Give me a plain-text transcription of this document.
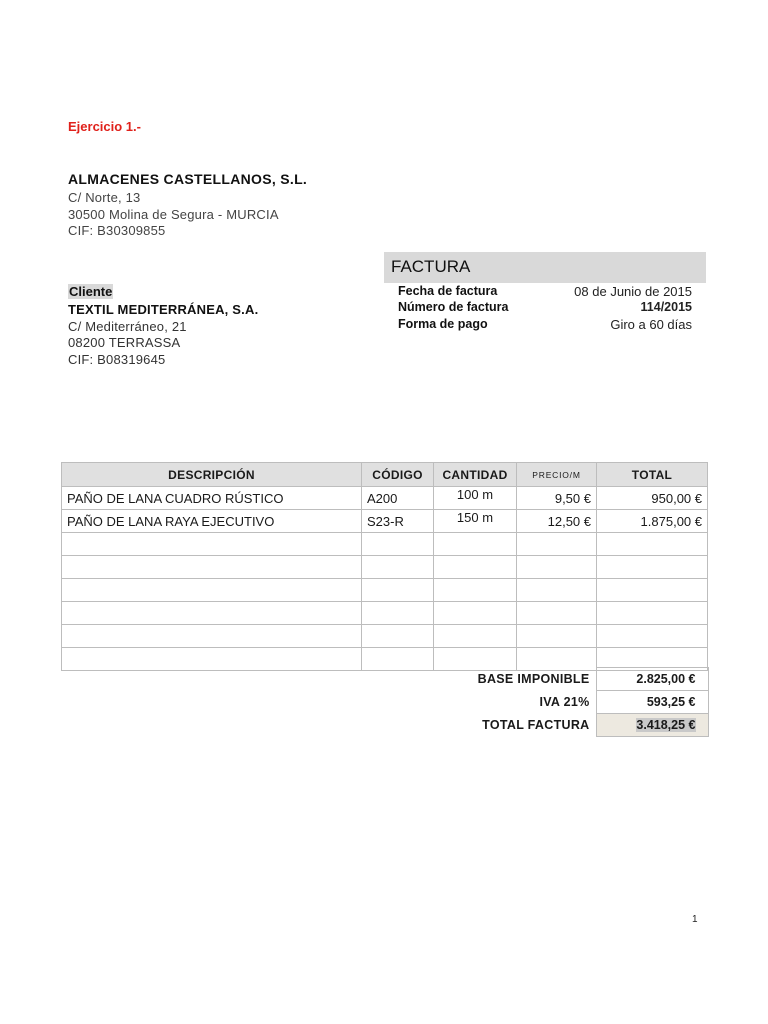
Ejercicio 1.-
ALMACENES CASTELLANOS, S.L.
C/ Norte, 13
30500 Molina de Segura - MURCIA
CIF: B30309855
FACTURA
Cliente
TEXTIL MEDITERRÁNEA, S.A.
C/ Mediterráneo, 21
08200 TERRASSA
CIF: B08319645
Fecha de factura	08 de Junio de 2015
Número de factura	114/2015
Forma de pago	Giro a 60 días
DESCRIPCIÓN	CÓDIGO	CANTIDAD	PRECIO/M	TOTAL
PAÑO DE LANA CUADRO RÚSTICO	A200	100 m	9,50 €	950,00 €
PAÑO DE LANA RAYA EJECUTIVO	S23-R	150 m	12,50 €	1.875,00 €

BASE IMPONIBLE	2.825,00 €
IVA 21%	593,25 €
TOTAL FACTURA	3.418,25 €
1
